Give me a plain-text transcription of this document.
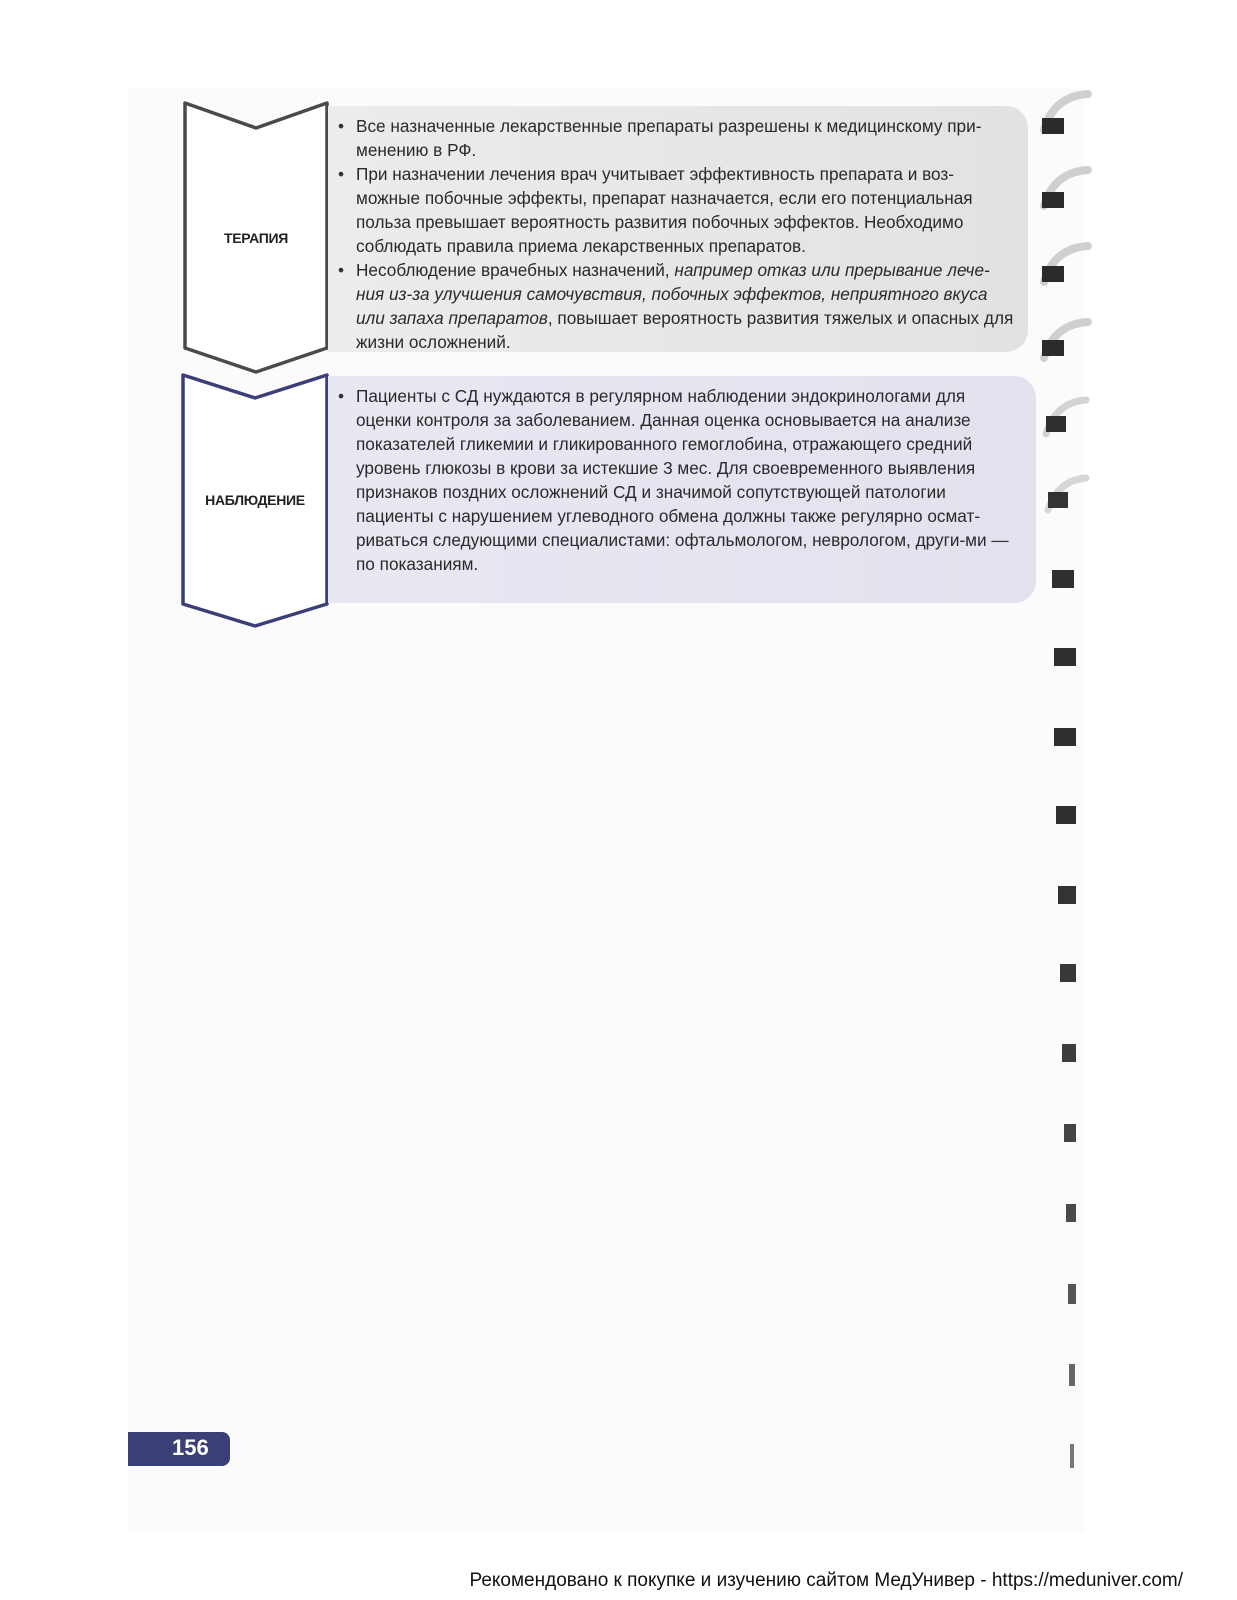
ТЕРАПИЯ
• Все назначенные лекарственные препараты разрешены к медицинскому при-менению в РФ.
• При назначении лечения врач учитывает эффективность препарата и воз-можные побочные эффекты, препарат назначается, если его потенциальная польза превышает вероятность развития побочных эффектов. Необходимо соблюдать правила приема лекарственных препаратов.
• Несоблюдение врачебных назначений, например отказ или прерывание лече-ния из-за улучшения самочувствия, побочных эффектов, неприятного вкуса или запаха препаратов, повышает вероятность развития тяжелых и опасных для жизни осложнений.
НАБЛЮДЕНИЕ
• Пациенты с СД нуждаются в регулярном наблюдении эндокринологами для оценки контроля за заболеванием. Данная оценка основывается на анализе показателей гликемии и гликированного гемоглобина, отражающего средний уровень глюкозы в крови за истекшие 3 мес. Для своевременного выявления признаков поздних осложнений СД и значимой сопутствующей патологии пациенты с нарушением углеводного обмена должны также регулярно осмат-риваться следующими специалистами: офтальмологом, неврологом, други-ми — по показаниям.
156
Рекомендовано к покупке и изучению сайтом МедУнивер - https://meduniver.com/
